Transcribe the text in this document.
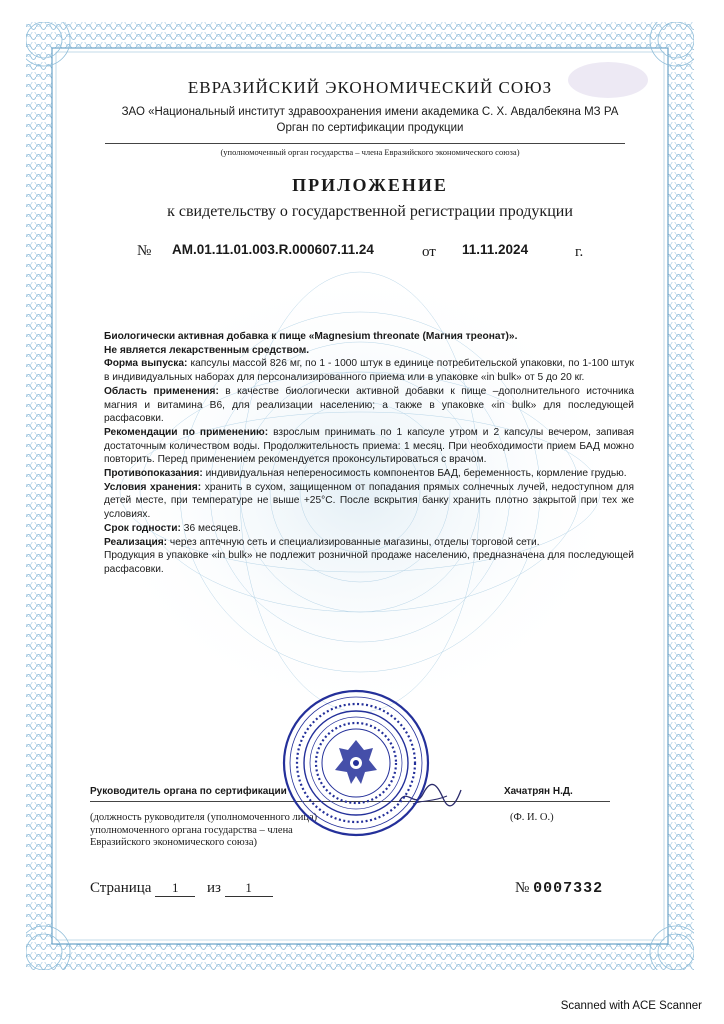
ЕВРАЗИЙСКИЙ ЭКОНОМИЧЕСКИЙ СОЮЗ
ЗАО «Национальный институт здравоохранения имени академика С. Х. Авдалбекяна МЗ РА
Орган по сертификации продукции
(уполномоченный орган государства – члена Евразийского экономического союза)
ПРИЛОЖЕНИЕ
к свидетельству о государственной регистрации продукции
№ AM.01.11.01.003.R.000607.11.24	от 11.11.2024	г.

Биологически активная добавка к пище «Magnesium threonate (Магния треонат)».

Не является лекарственным средством.

Форма выпуска: капсулы массой 826 мг, по 1 - 1000 штук в единице потребительской упаковки, по 1-100 штук в индивидуальных наборах для персонализированного приема или в упаковке «in bulk» от 5 до 20 кг.

Область применения: в качестве биологически активной добавки к пище –дополнительного источника магния и витамина В6, для реализации населению; а также в упаковке «in bulk» для последующей расфасовки.

Рекомендации по применению: взрослым принимать по 1 капсуле утром и 2 капсулы вечером, запивая достаточным количеством воды. Продолжительность приема: 1 месяц. При необходимости прием БАД можно повторить. Перед применением рекомендуется проконсультироваться с врачом.

Противопоказания: индивидуальная непереносимость компонентов БАД, беременность, кормление грудью.

Условия хранения: хранить в сухом, защищенном от попадания прямых солнечных лучей, недоступном для детей месте, при температуре не выше +25°С. После вскрытия банку хранить плотно закрытой при тех же условиях.

Срок годности: 36 месяцев.

Реализация: через аптечную сеть и специализированные магазины, отделы торговой сети.

Продукция в упаковке «in bulk» не подлежит розничной продаже населению, предназначена для последующей расфасовки.

Руководитель органа по сертификации	Хачатрян Н.Д.
(должность руководителя (уполномоченного лица) уполномоченного органа государства – члена Евразийского экономического союза)
(Ф. И. О.)
Страница 1 из 1	№ 0007332
Scanned with ACE Scanner
